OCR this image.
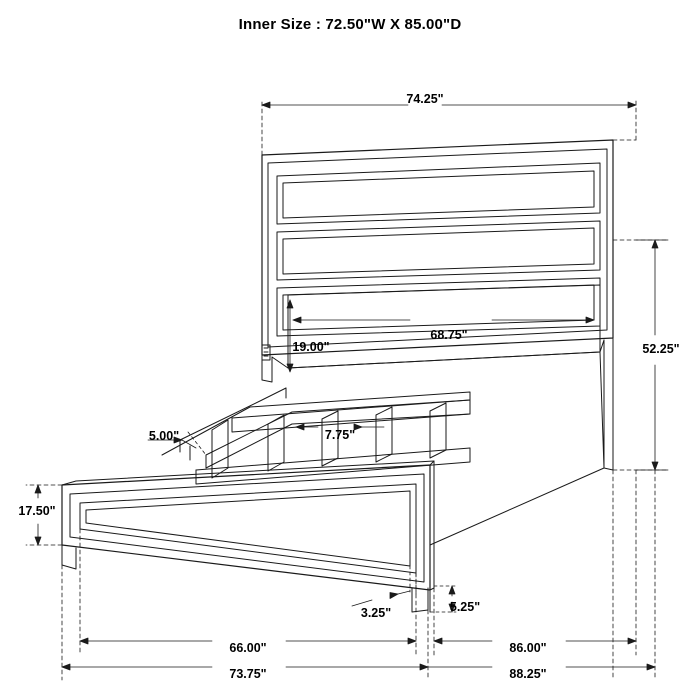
Inner Size : 72.50"W X 85.00"D
74.25"
68.75"
52.25"
19.00"
5.00"	7.75"
17.50"
3.25"	5.25"
66.00"	86.00"
73.75"	88.25"
